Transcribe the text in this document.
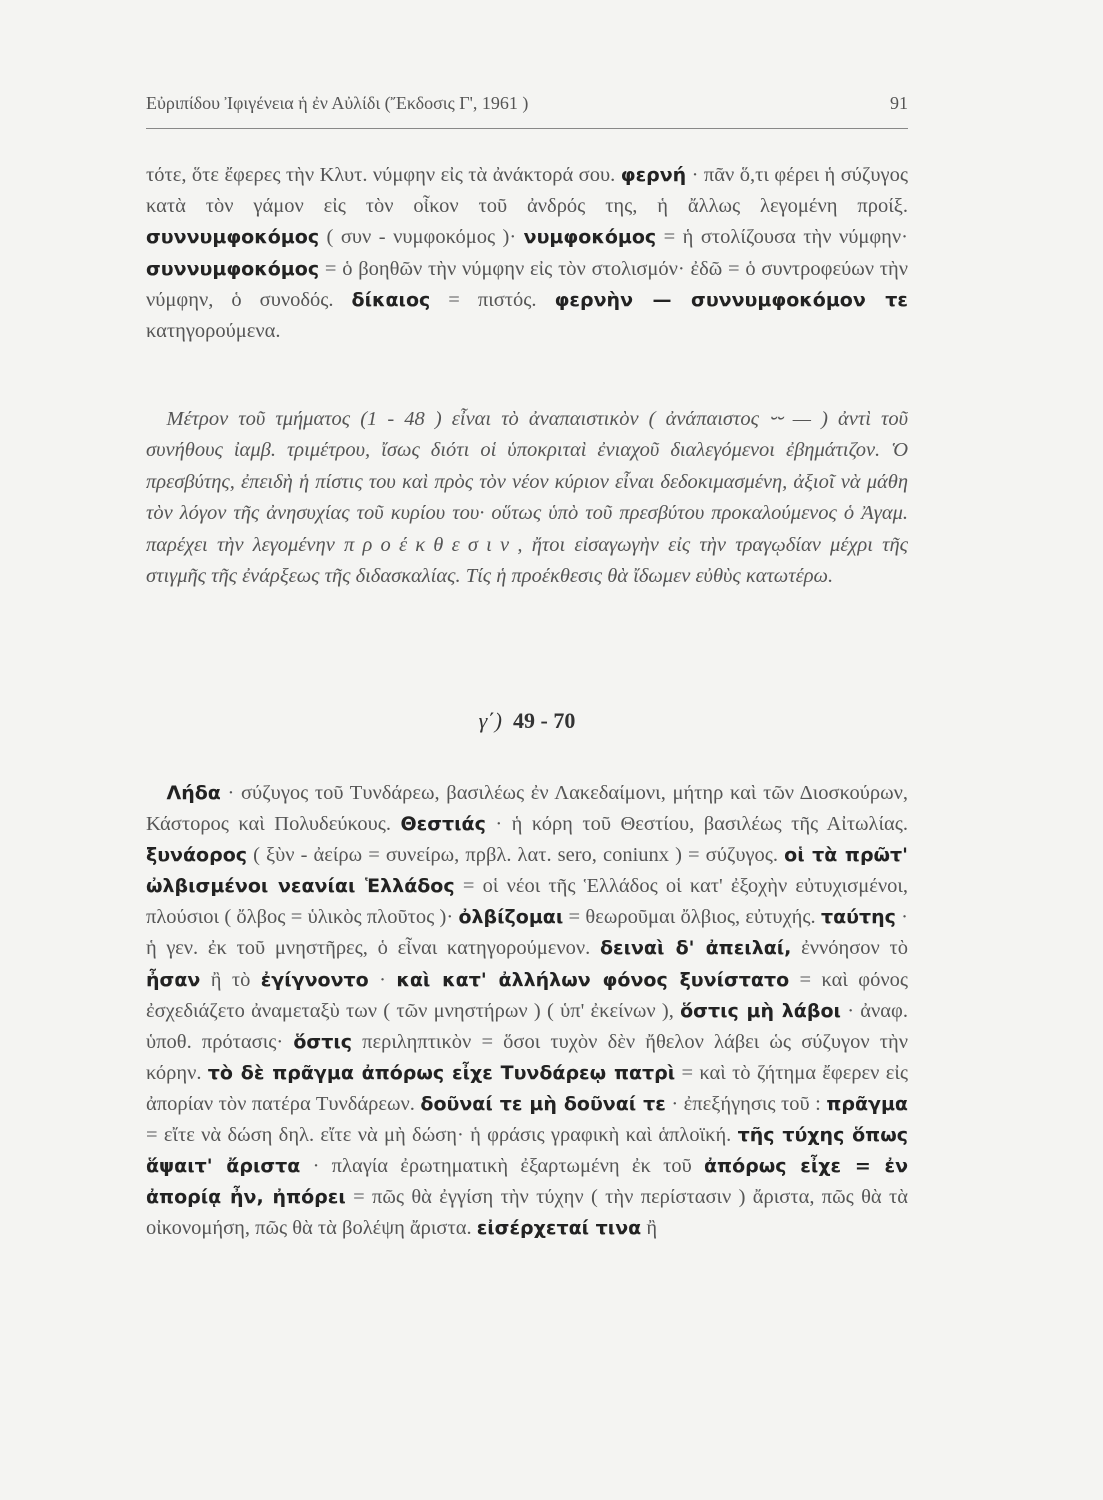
Εὐριπίδου Ἰφιγένεια ἡ ἐν Αὐλίδι (Ἔκδοσις Γ', 1961 )	91
τότε, ὅτε ἔφερες τὴν Κλυτ. νύμφην εἰς τὰ ἀνάκτορά σου. φερνή · πᾶν ὅ,τι φέρει ἡ σύζυγος κατὰ τὸν γάμον εἰς τὸν οἶκον τοῦ ἀνδρός της, ἡ ἄλλως λεγομένη προίξ. συννυμφοκόμος ( συν - νυμφοκόμος )· νυμφοκόμος = ἡ στολίζουσα τὴν νύμφην· συννυμφοκόμος = ὁ βοηθῶν τὴν νύμφην εἰς τὸν στολισμόν· ἐδῶ = ὁ συντροφεύων τὴν νύμφην, ὁ συνοδός. δίκαιος = πιστός. φερνὴν — συννυμφοκόμον τε κατηγορούμενα.
 Μέτρον τοῦ τμήματος (1 - 48 ) εἶναι τὸ ἀναπαιστικὸν ( ἀνάπαιστος ⏑⏑ — ) ἀντὶ τοῦ συνήθους ἰαμβ. τριμέτρου, ἴσως διότι οἱ ὑποκριταὶ ἐνιαχοῦ διαλεγόμενοι ἐβημάτιζον. Ὁ πρεσβύτης, ἐπειδὴ ἡ πίστις του καὶ πρὸς τὸν νέον κύριον εἶναι δεδοκιμασμένη, ἀξιοῖ νὰ μάθη τὸν λόγον τῆς ἀνησυχίας τοῦ κυρίου του· οὕτως ὑπὸ τοῦ πρεσβύτου προκαλούμενος ὁ Ἀγαμ. παρέχει τὴν λεγομένην προέκθεσιν, ἤτοι εἰσαγωγὴν εἰς τὴν τραγῳδίαν μέχρι τῆς στιγμῆς τῆς ἐνάρξεως τῆς διδασκαλίας. Τίς ἡ προέκθεσις θὰ ἴδωμεν εὐθὺς κατωτέρω.
γ΄) 49 - 70
 Λήδα · σύζυγος τοῦ Τυνδάρεω, βασιλέως ἐν Λακεδαίμονι, μήτηρ καὶ τῶν Διοσκούρων, Κάστορος καὶ Πολυδεύκους. Θεστιάς · ἡ κόρη τοῦ Θεστίου, βασιλέως τῆς Αἰτωλίας. ξυνάορος ( ξὺν - ἀείρω = συνείρω, πρβλ. λατ. sero, coniunx ) = σύζυγος. οἱ τὰ πρῶτ' ὠλβισμένοι νεανίαι Ἑλλάδος = οἱ νέοι τῆς Ἑλλάδος οἱ κατ' ἐξοχὴν εὐτυχισμένοι, πλούσιοι ( ὄλβος = ὑλικὸς πλοῦτος )· ὀλβίζομαι = θεωροῦμαι ὄλβιος, εὐτυχής. ταύτης · ἡ γεν. ἐκ τοῦ μνηστῆρες, ὁ εἶναι κατηγορούμενον. δειναὶ δ' ἀπειλαί, ἐννόησον τὸ ἦσαν ἢ τὸ ἐγίγνοντο · καὶ κατ' ἀλλήλων φόνος ξυνίστατο = καὶ φόνος ἐσχεδιάζετο ἀναμεταξὺ των ( τῶν μνηστήρων ) ( ὑπ' ἐκείνων ), ὅστις μὴ λάβοι · ἀναφ. ὑποθ. πρότασις· ὅστις περιληπτικὸν = ὅσοι τυχὸν δὲν ἤθελον λάβει ὡς σύζυγον τὴν κόρην. τὸ δὲ πρᾶγμα ἀπόρως εἶχε Τυνδάρεῳ πατρὶ = καὶ τὸ ζήτημα ἔφερεν εἰς ἀπορίαν τὸν πατέρα Τυνδάρεων. δοῦναί τε μὴ δοῦναί τε · ἐπεξήγησις τοῦ : πρᾶγμα = εἴτε νὰ δώση δηλ. εἴτε νὰ μὴ δώση· ἡ φράσις γραφικὴ καὶ ἁπλοϊκή. τῆς τύχης ὅπως ἅψαιτ' ἄριστα · πλαγία ἐρωτηματικὴ ἐξαρτωμένη ἐκ τοῦ ἀπόρως εἶχε = ἐν ἀπορίᾳ ἦν, ἠπόρει = πῶς θὰ ἐγγίση τὴν τύχην ( τὴν περίστασιν ) ἄριστα, πῶς θὰ τὰ οἰκονομήση, πῶς θὰ τὰ βολέψη ἄριστα. εἰσέρχεταί τινα ἢ
